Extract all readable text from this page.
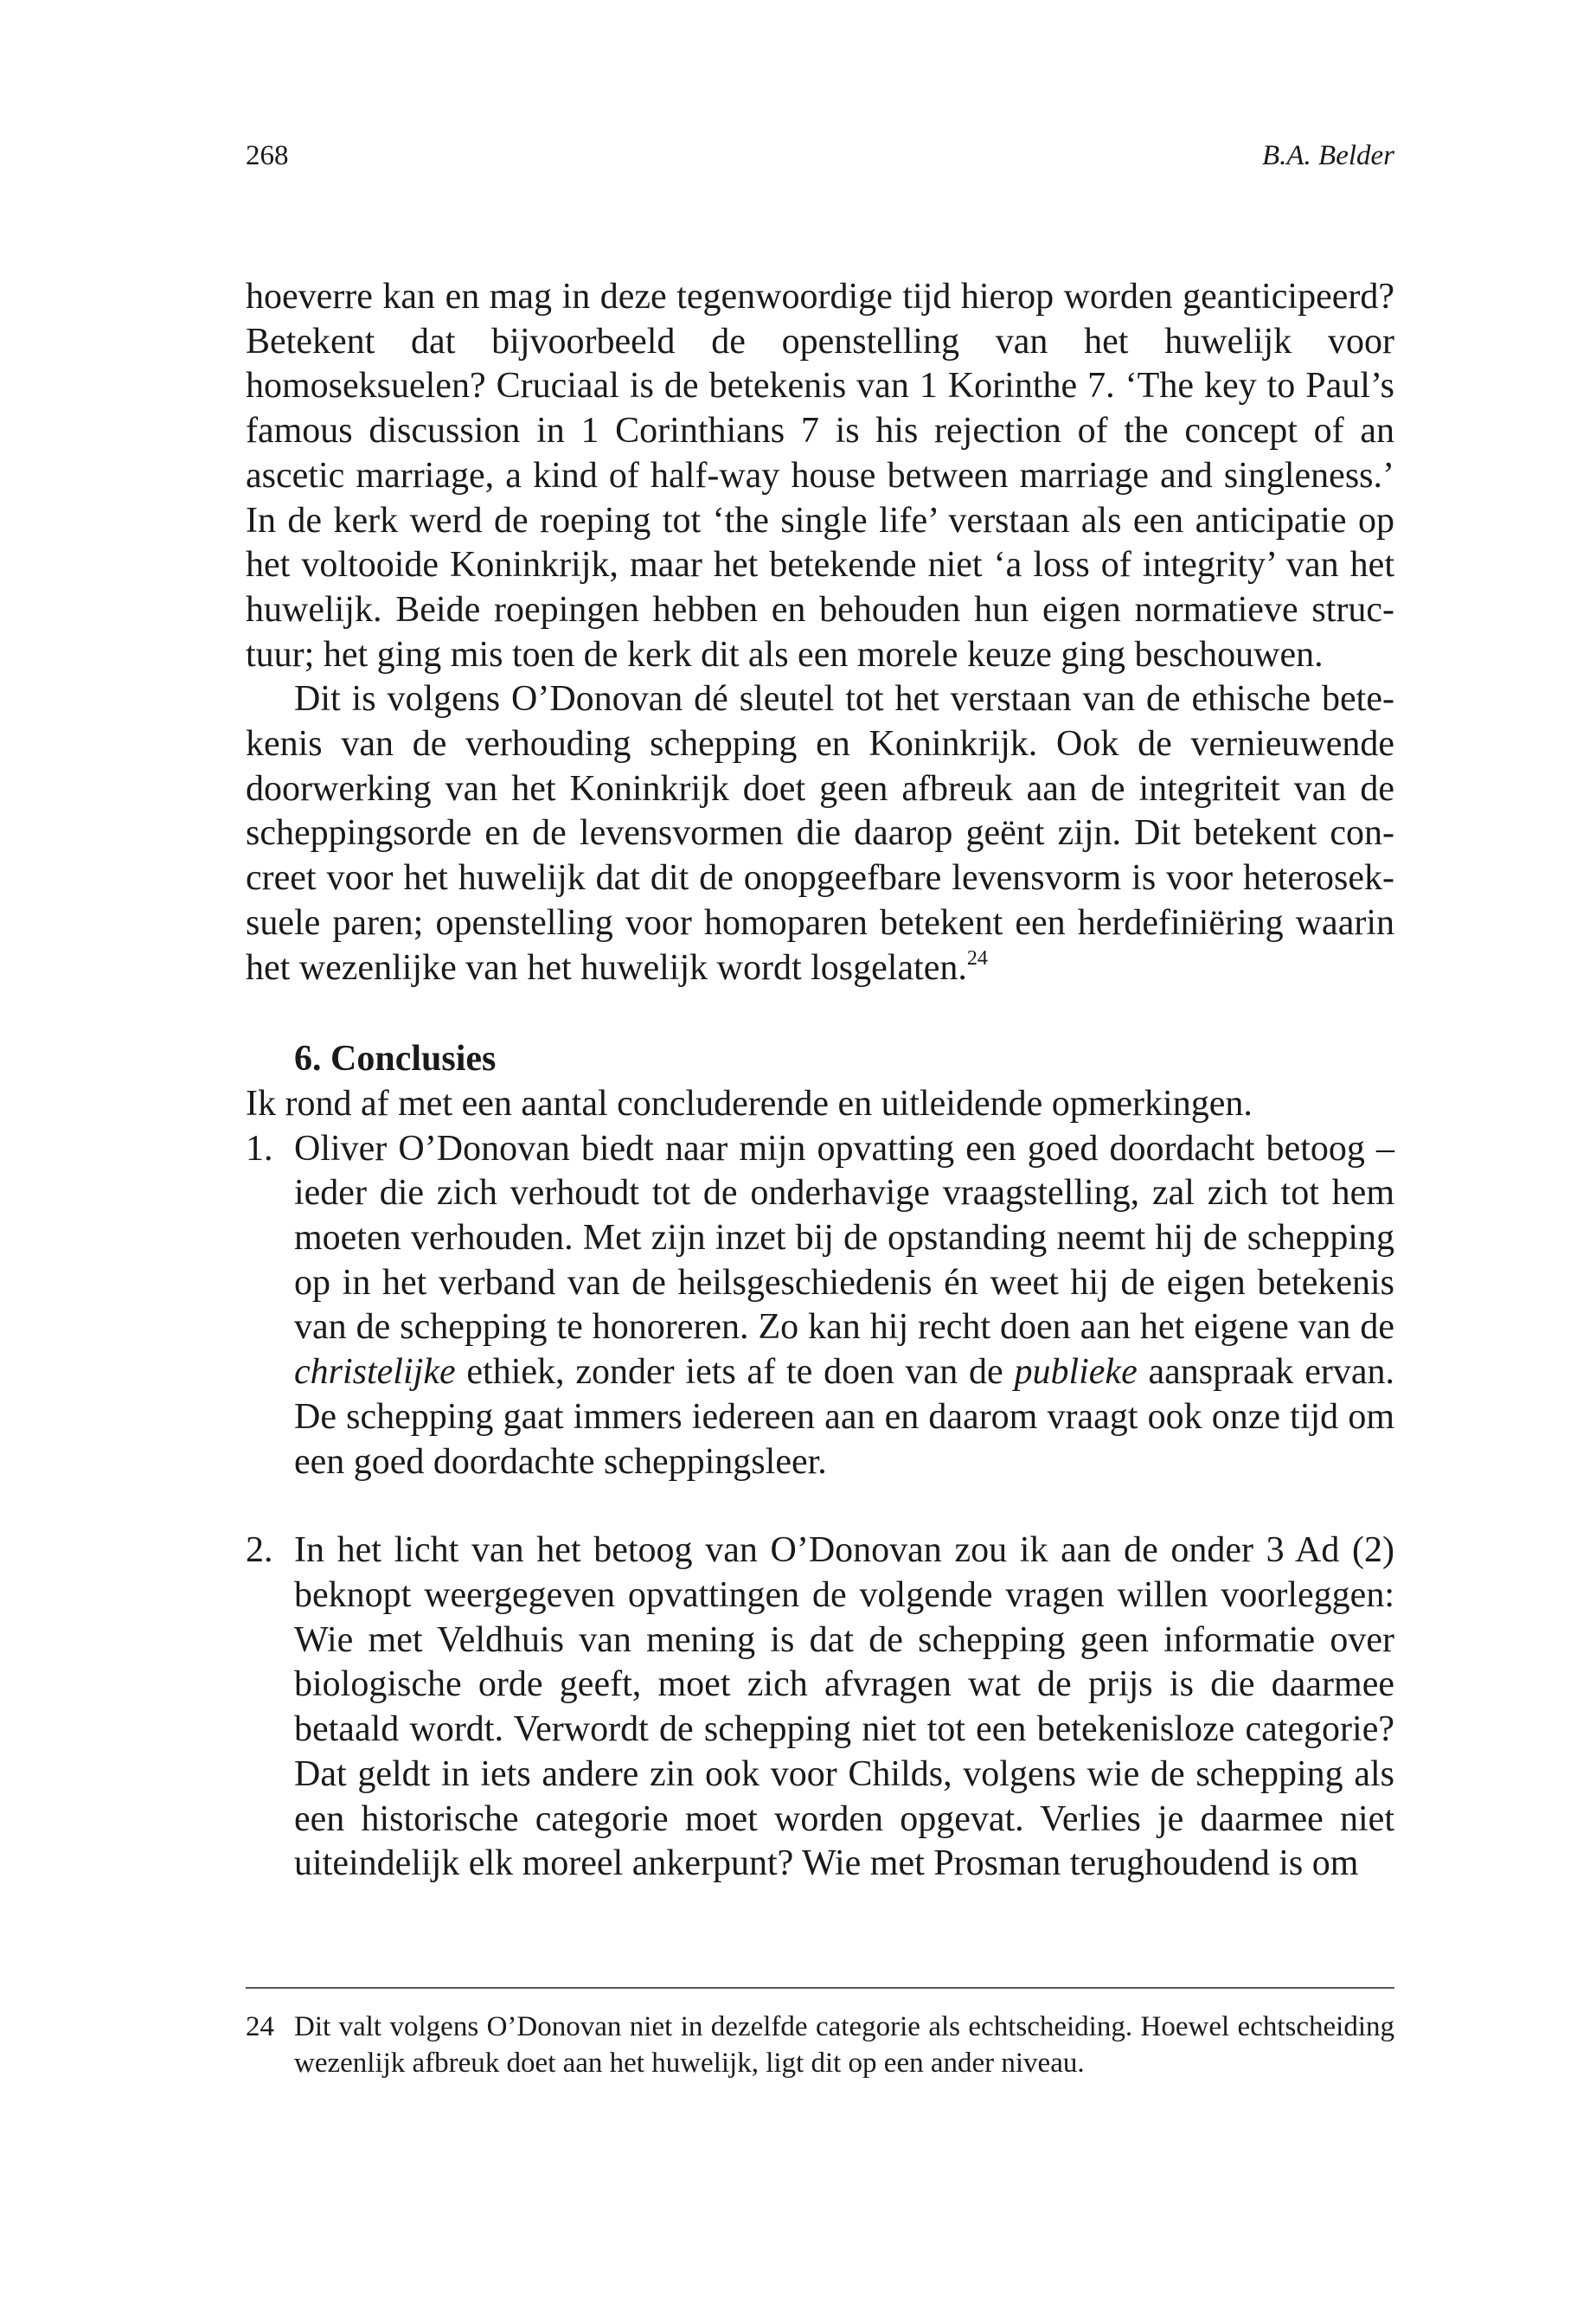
268	B.A. Belder

hoeverre kan en mag in deze tegenwoordige tijd hierop worden geanticipeerd? Betekent dat bijvoorbeeld de openstelling van het huwelijk voor homoseksuelen? Cruciaal is de betekenis van 1 Korinthe 7. ‘The key to Paul’s famous discussion in 1 Corinthians 7 is his rejection of the concept of an ascetic marriage, a kind of half-way house between marriage and singleness.’ In de kerk werd de roeping tot ‘the single life’ verstaan als een anticipatie op het voltooide Koninkrijk, maar het betekende niet ‘a loss of integrity’ van het huwelijk. Beide roepingen hebben en behouden hun eigen normatieve structuur; het ging mis toen de kerk dit als een morele keuze ging beschouwen.

Dit is volgens O’Donovan dé sleutel tot het verstaan van de ethische betekenis van de verhouding schepping en Koninkrijk. Ook de vernieuwende doorwerking van het Koninkrijk doet geen afbreuk aan de integriteit van de scheppingsorde en de levensvormen die daarop geënt zijn. Dit betekent concreet voor het huwelijk dat dit de onopgeefbare levensvorm is voor heteroseksuele paren; openstelling voor homoparen betekent een herdefiniëring waarin het wezenlijke van het huwelijk wordt losgelaten.$^{24}$

6. Conclusies

Ik rond af met een aantal concluderende en uitleidende opmerkingen.

1. Oliver O’Donovan biedt naar mijn opvatting een goed doordacht betoog – ieder die zich verhoudt tot de onderhavige vraagstelling, zal zich tot hem moeten verhouden. Met zijn inzet bij de opstanding neemt hij de schepping op in het verband van de heilsgeschiedenis én weet hij de eigen betekenis van de schepping te honoreren. Zo kan hij recht doen aan het eigene van de christelijke ethiek, zonder iets af te doen van de publieke aanspraak ervan. De schepping gaat immers iedereen aan en daarom vraagt ook onze tijd om een goed doordachte scheppingsleer.
2. In het licht van het betoog van O’Donovan zou ik aan de onder 3 Ad (2) beknopt weergegeven opvattingen de volgende vragen willen voorleggen: Wie met Veldhuis van mening is dat de schepping geen informatie over biologische orde geeft, moet zich afvragen wat de prijs is die daarmee betaald wordt. Verwordt de schepping niet tot een betekenisloze categorie? Dat geldt in iets andere zin ook voor Childs, volgens wie de schepping als een historische categorie moet worden opgevat. Verlies je daarmee niet uiteindelijk elk moreel ankerpunt? Wie met Prosman terughoudend is om
24 Dit valt volgens O’Donovan niet in dezelfde categorie als echtscheiding. Hoewel echtscheiding wezenlijk afbreuk doet aan het huwelijk, ligt dit op een ander niveau.
